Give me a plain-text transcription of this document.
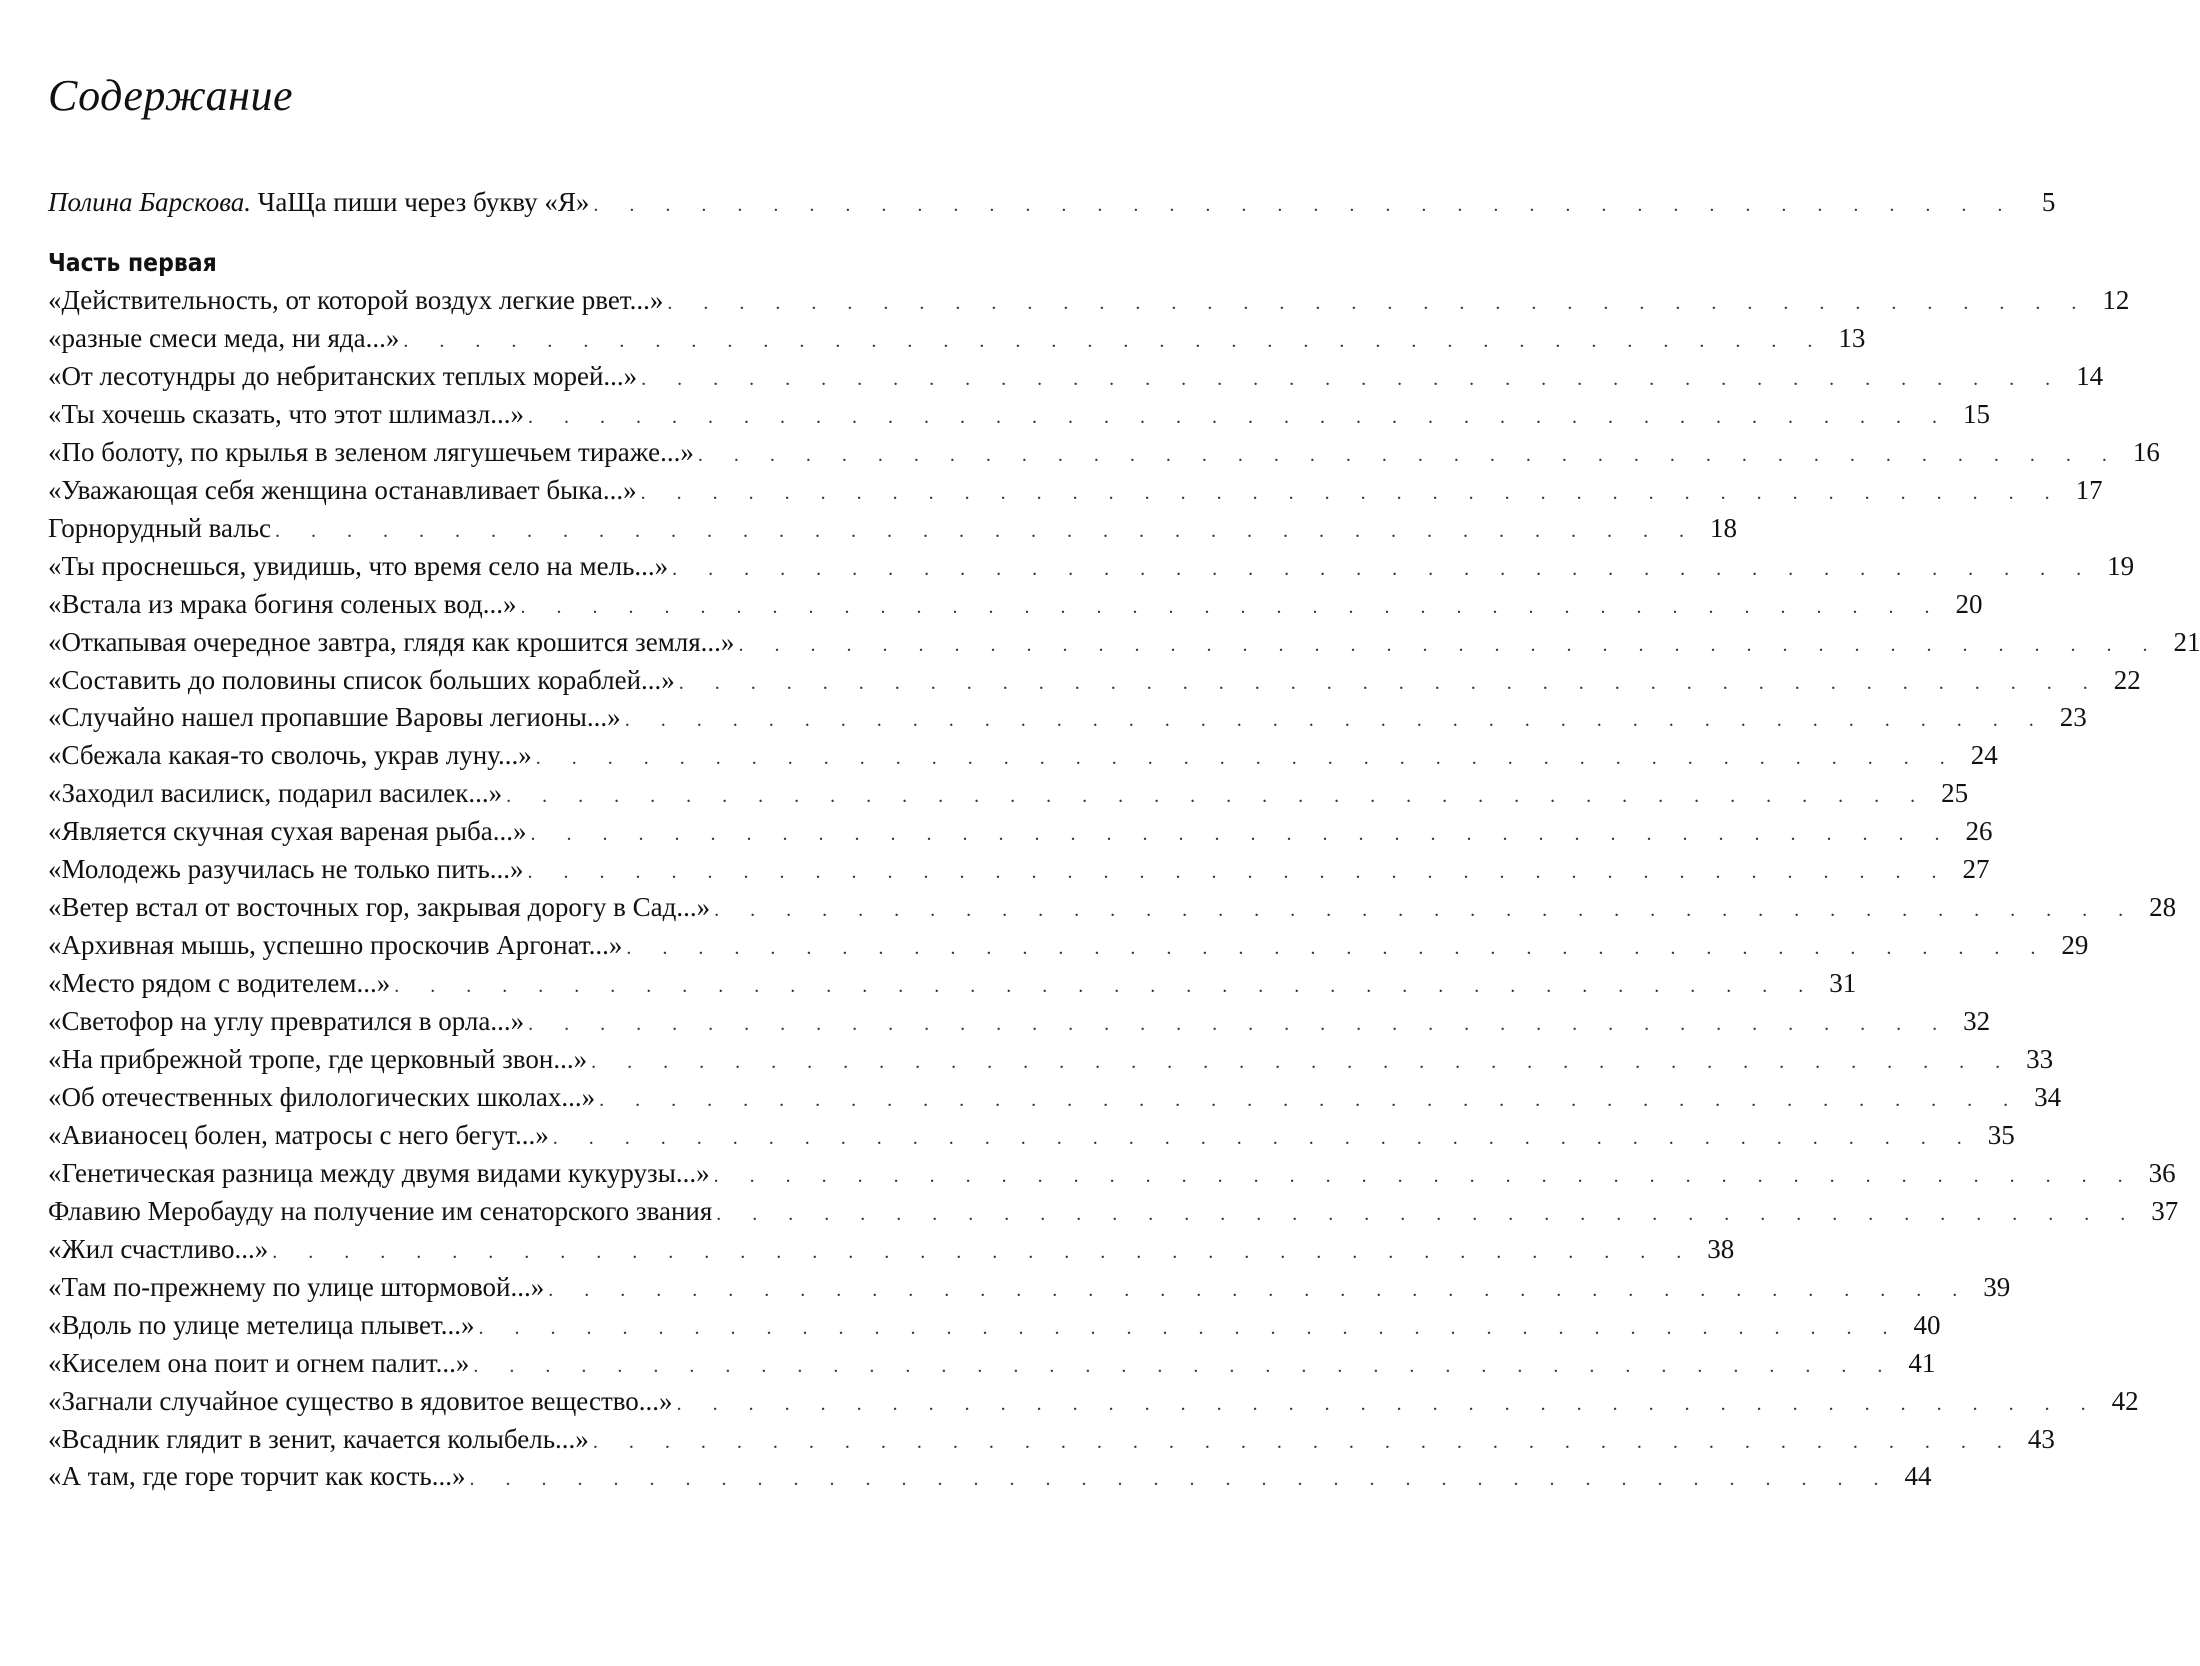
Содержание
Полина Барскова. ЧаЩа пиши через букву «Я» . . . . . . . . . . . . . . . . . . . . . . . . . . . . . . . . . . . . . . . . 5
Часть первая
«Действительность, от которой воздух легкие рвет...» . . . . . . . . . . . . . . . . . . . . . . . . . . . . . . . . . . . . . . . . 12
«разные смеси меда, ни яда...» . . . . . . . . . . . . . . . . . . . . . . . . . . . . . . . . . . . . . . . . 13
«От лесотундры до небританских теплых морей...» . . . . . . . . . . . . . . . . . . . . . . . . . . . . . . . . . . . . . . . . 14
«Ты хочешь сказать, что этот шлимазл...» . . . . . . . . . . . . . . . . . . . . . . . . . . . . . . . . . . . . . . . . 15
«По болоту, по крылья в зеленом лягушечьем тираже...» . . . . . . . . . . . . . . . . . . . . . . . . . . . . . . . . . . . . . . . . 16
«Уважающая себя женщина останавливает быка...» . . . . . . . . . . . . . . . . . . . . . . . . . . . . . . . . . . . . . . . . 17
Горнорудный вальс . . . . . . . . . . . . . . . . . . . . . . . . . . . . . . . . . . . . . . . . 18
«Ты проснешься, увидишь, что время село на мель...» . . . . . . . . . . . . . . . . . . . . . . . . . . . . . . . . . . . . . . . . 19
«Встала из мрака богиня соленых вод...» . . . . . . . . . . . . . . . . . . . . . . . . . . . . . . . . . . . . . . . . 20
«Откапывая очередное завтра, глядя как крошится земля...» . . . . . . . . . . . . . . . . . . . . . . . . . . . . . . . . . . . . . . . . 21
«Составить до половины список больших кораблей...» . . . . . . . . . . . . . . . . . . . . . . . . . . . . . . . . . . . . . . . . 22
«Случайно нашел пропавшие Варовы легионы...» . . . . . . . . . . . . . . . . . . . . . . . . . . . . . . . . . . . . . . . . 23
«Сбежала какая-то сволочь, украв луну...» . . . . . . . . . . . . . . . . . . . . . . . . . . . . . . . . . . . . . . . . 24
«Заходил василиск, подарил василек...» . . . . . . . . . . . . . . . . . . . . . . . . . . . . . . . . . . . . . . . . 25
«Является скучная сухая вареная рыба...» . . . . . . . . . . . . . . . . . . . . . . . . . . . . . . . . . . . . . . . . 26
«Молодежь разучилась не только пить...» . . . . . . . . . . . . . . . . . . . . . . . . . . . . . . . . . . . . . . . . 27
«Ветер встал от восточных гор, закрывая дорогу в Сад...» . . . . . . . . . . . . . . . . . . . . . . . . . . . . . . . . . . . . . . . . 28
«Архивная мышь, успешно проскочив Аргонат...» . . . . . . . . . . . . . . . . . . . . . . . . . . . . . . . . . . . . . . . . 29
«Место рядом с водителем...» . . . . . . . . . . . . . . . . . . . . . . . . . . . . . . . . . . . . . . . . 31
«Светофор на углу превратился в орла...» . . . . . . . . . . . . . . . . . . . . . . . . . . . . . . . . . . . . . . . . 32
«На прибрежной тропе, где церковный звон...» . . . . . . . . . . . . . . . . . . . . . . . . . . . . . . . . . . . . . . . . 33
«Об отечественных филологических школах...» . . . . . . . . . . . . . . . . . . . . . . . . . . . . . . . . . . . . . . . . 34
«Авианосец болен, матросы с него бегут...» . . . . . . . . . . . . . . . . . . . . . . . . . . . . . . . . . . . . . . . . 35
«Генетическая разница между двумя видами кукурузы...» . . . . . . . . . . . . . . . . . . . . . . . . . . . . . . . . . . . . . . . . 36
Флавию Меробауду на получение им сенаторского звания . . . . . . . . . . . . . . . . . . . . . . . . . . . . . . . . . . . . . . . . 37
«Жил счастливо...» . . . . . . . . . . . . . . . . . . . . . . . . . . . . . . . . . . . . . . . . 38
«Там по-прежнему по улице штормовой...» . . . . . . . . . . . . . . . . . . . . . . . . . . . . . . . . . . . . . . . . 39
«Вдоль по улице метелица плывет...» . . . . . . . . . . . . . . . . . . . . . . . . . . . . . . . . . . . . . . . . 40
«Киселем она поит и огнем палит...» . . . . . . . . . . . . . . . . . . . . . . . . . . . . . . . . . . . . . . . . 41
«Загнали случайное существо в ядовитое вещество...» . . . . . . . . . . . . . . . . . . . . . . . . . . . . . . . . . . . . . . . . 42
«Всадник глядит в зенит, качается колыбель...» . . . . . . . . . . . . . . . . . . . . . . . . . . . . . . . . . . . . . . . . 43
«А там, где горе торчит как кость...» . . . . . . . . . . . . . . . . . . . . . . . . . . . . . . . . . . . . . . . . 44
